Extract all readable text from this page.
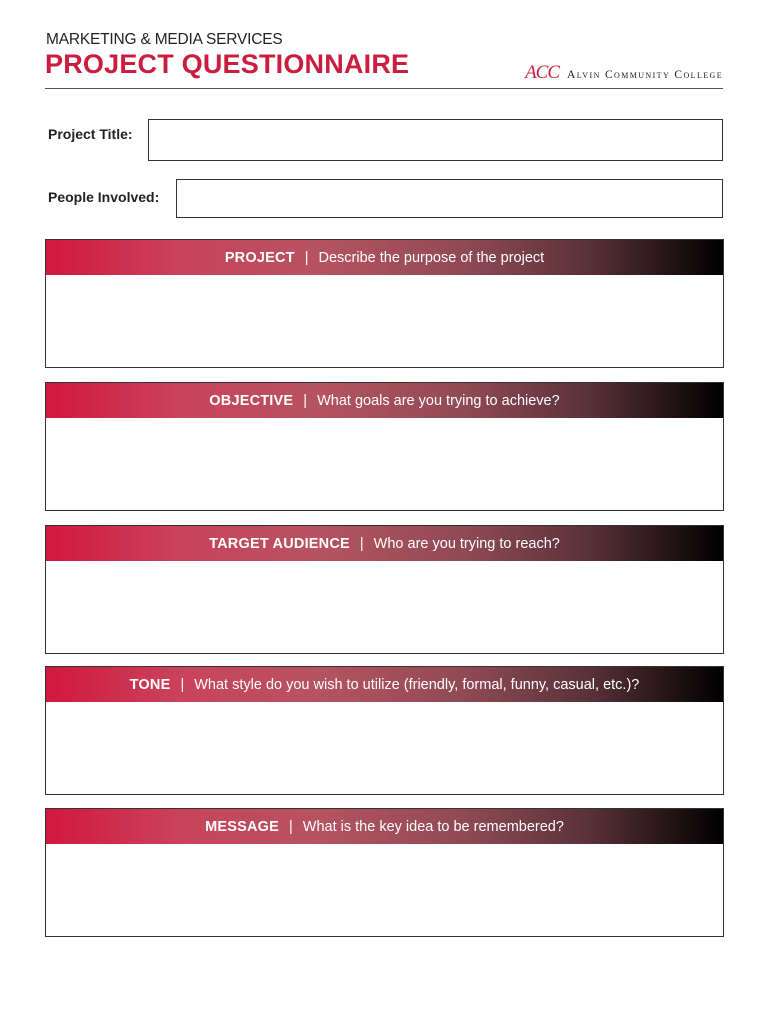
MARKETING & MEDIA SERVICES
PROJECT QUESTIONNAIRE	ACC Alvin Community College
Project Title:
People Involved:
PROJECT | Describe the purpose of the project
OBJECTIVE | What goals are you trying to achieve?
TARGET AUDIENCE | Who are you trying to reach?
TONE | What style do you wish to utilize (friendly, formal, funny, casual, etc.)?
MESSAGE | What is the key idea to be remembered?
